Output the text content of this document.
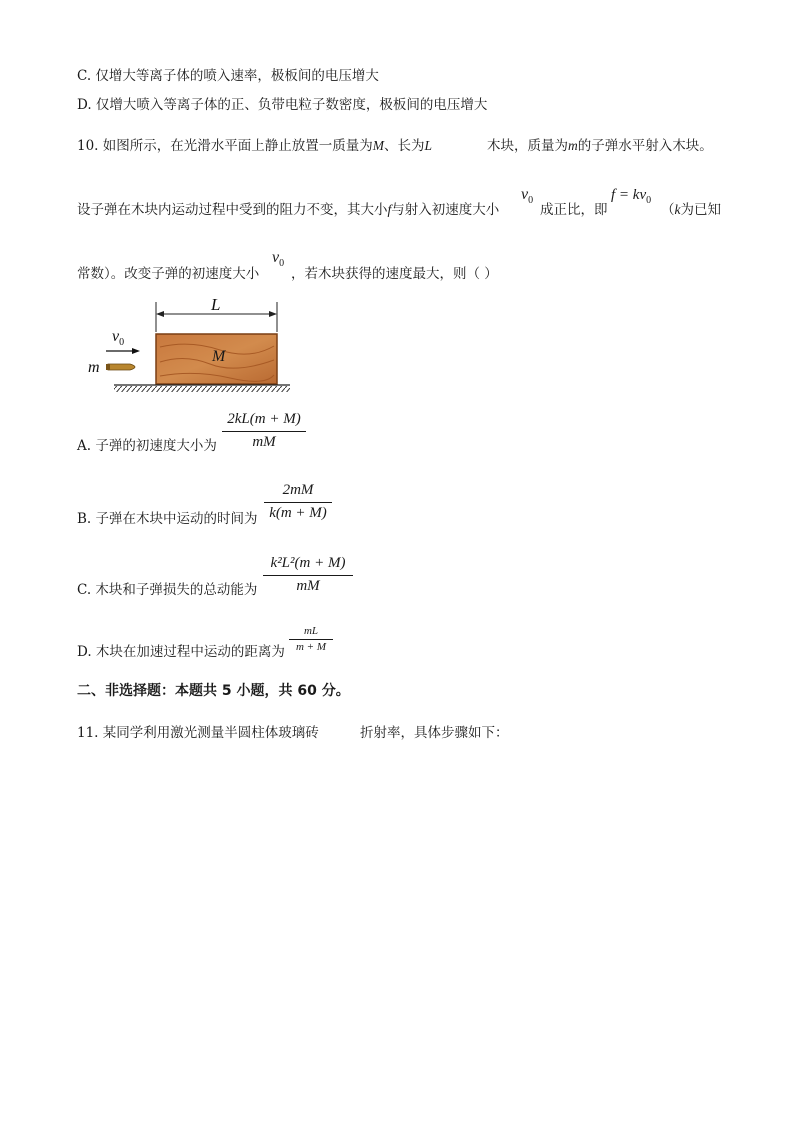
C. 仅增大等离子体的喷入速率，极板间的电压增大
D. 仅增大喷入等离子体的正、负带电粒子数密度，极板间的电压增大
10. 如图所示，在光滑水平面上静止放置一质量为M、长为L	木块，质量为m的子弹水平射入木块。
设子弹在木块内运动过程中受到的阻力不变，其大小f与射入初速度大小
$v_0$
成正比，即
$f = kv_0$
（k为已知
常数）。改变子弹的初速度大小
$v_0$
，若木块获得的速度最大，则（ ）
L
M
$v_0$
m
A. 子弹的初速度大小为
2kL(m + M)
mM
B. 子弹在木块中运动的时间为
2mM
k(m + M)
C. 木块和子弹损失的总动能为
k²L²(m + M)
mM
D. 木块在加速过程中运动的距离为
mL
m + M
二、非选择题：本题共 5 小题，共 60 分。
11. 某同学利用激光测量半圆柱体玻璃砖	折射率，具体步骤如下：
